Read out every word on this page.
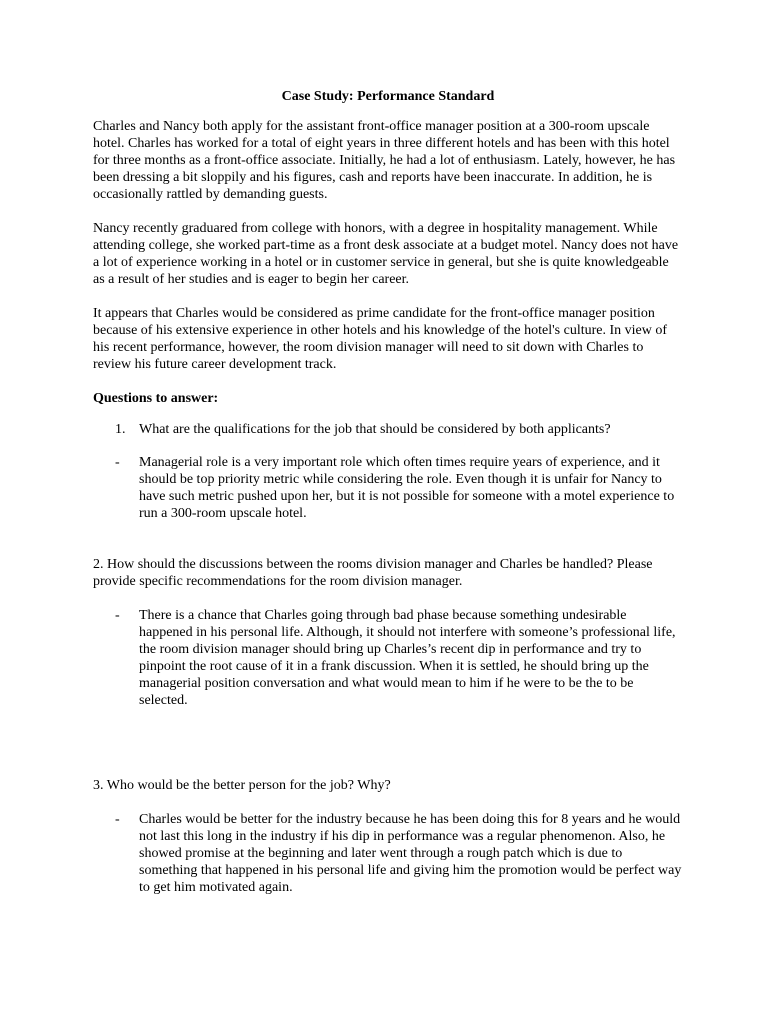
Case Study: Performance Standard
Charles and Nancy both apply for the assistant front-office manager position at a 300-room upscale hotel. Charles has worked for a total of eight years in three different hotels and has been with this hotel for three months as a front-office associate. Initially, he had a lot of enthusiasm. Lately, however, he has been dressing a bit sloppily and his figures, cash and reports have been inaccurate. In addition, he is occasionally rattled by demanding guests.
Nancy recently graduared from college with honors, with a degree in hospitality management. While attending college, she worked part-time as a front desk associate at a budget motel. Nancy does not have a lot of experience working in a hotel or in customer service in general, but she is quite knowledgeable as a result of her studies and is eager to begin her career.
It appears that Charles would be considered as prime candidate for the front-office manager position because of his extensive experience in other hotels and his knowledge of the hotel's culture. In view of his recent performance, however, the room division manager will need to sit down with Charles to review his future career development track.
Questions to answer:
1. What are the qualifications for the job that should be considered by both applicants?
- Managerial role is a very important role which often times require years of experience, and it should be top priority metric while considering the role. Even though it is unfair for Nancy to have such metric pushed upon her, but it is not possible for someone with a motel experience to run a 300-room upscale hotel.
2. How should the discussions between the rooms division manager and Charles be handled? Please provide specific recommendations for the room division manager.
- There is a chance that Charles going through bad phase because something undesirable happened in his personal life. Although, it should not interfere with someone’s professional life, the room division manager should bring up Charles’s recent dip in performance and try to pinpoint the root cause of it in a frank discussion. When it is settled, he should bring up the managerial position conversation and what would mean to him if he were to be the to be selected.
3. Who would be the better person for the job? Why?
- Charles would be better for the industry because he has been doing this for 8 years and he would not last this long in the industry if his dip in performance was a regular phenomenon. Also, he showed promise at the beginning and later went through a rough patch which is due to something that happened in his personal life and giving him the promotion would be perfect way to get him motivated again.
